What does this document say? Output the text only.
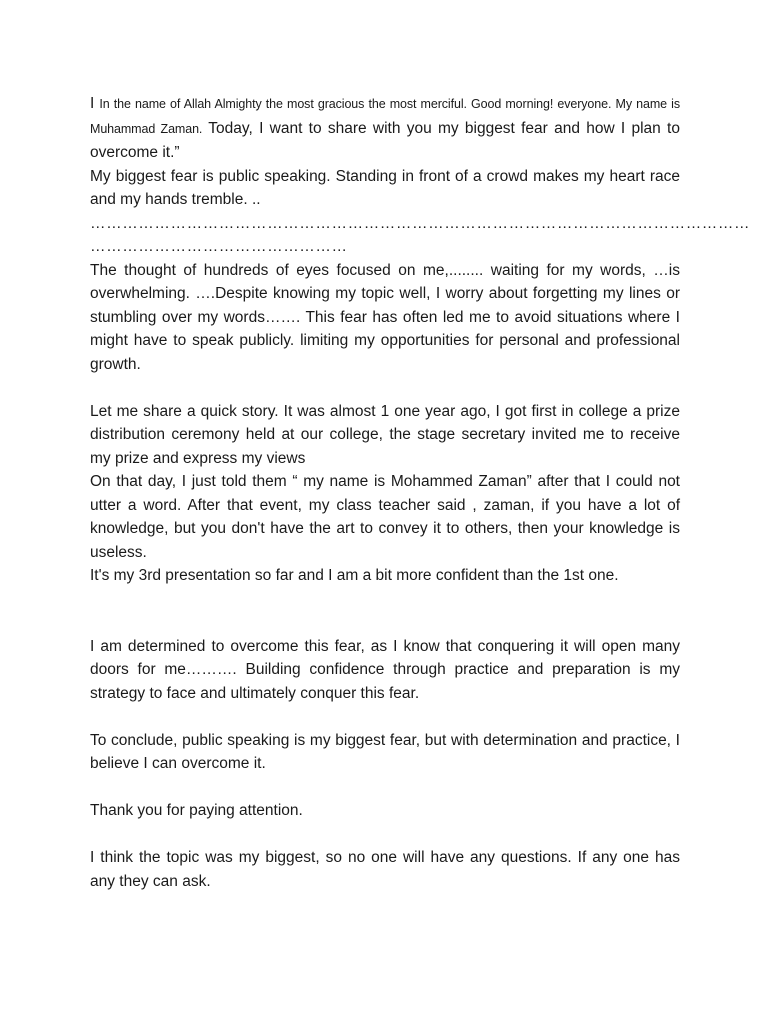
I In the name of Allah Almighty the most gracious the most merciful. Good morning! everyone. My name is Muhammad Zaman. Today, I want to share with you my biggest fear and how I plan to overcome it.”

My biggest fear is public speaking. Standing in front of a crowd makes my heart race and my hands tremble. ..

……………………………………………………………………………………………………………
…………………………………………

The thought of hundreds of eyes focused on me,........ waiting for my words, …is overwhelming. ….Despite knowing my topic well, I worry about forgetting my lines or stumbling over my words……. This fear has often led me to avoid situations where I might have to speak publicly. limiting my opportunities for personal and professional growth.

Let me share a quick story. It was almost 1 one year ago, I got first in college a prize distribution ceremony held at our college, the stage secretary invited me to receive my prize and express my views

On that day, I just told them “ my name is Mohammed Zaman” after that I could not utter a word. After that event, my class teacher said , zaman, if you have a lot of knowledge, but you don't have the art to convey it to others, then your knowledge is useless.

It's my 3rd presentation so far and I am a bit more confident than the 1st one.

I am determined to overcome this fear, as I know that conquering it will open many doors for me………. Building confidence through practice and preparation is my strategy to face and ultimately conquer this fear.

To conclude, public speaking is my biggest fear, but with determination and practice, I believe I can overcome it.

Thank you for paying attention.

I think the topic was my biggest, so no one will have any questions. If any one has any they can ask.
